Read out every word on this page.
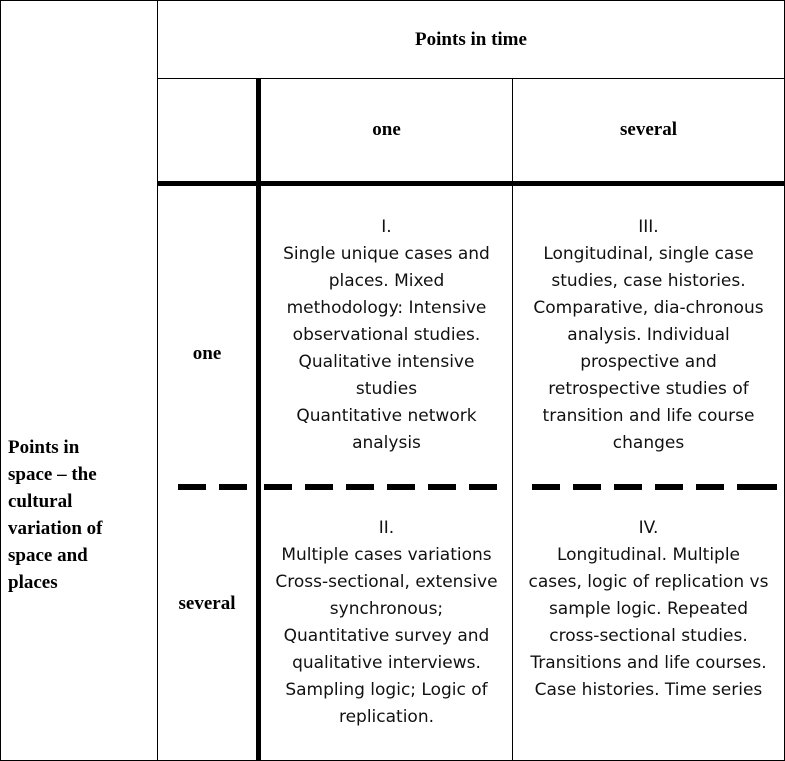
Points in time
one	several
Points in
space – the
cultural
variation of
space and
places
one
several
I.
Single unique cases and
places. Mixed
methodology: Intensive
observational studies.
Qualitative intensive
studies
Quantitative network
analysis
III.
Longitudinal, single case
studies, case histories.
Comparative, dia-chronous
analysis. Individual
prospective and
retrospective studies of
transition and life course
changes
II.
Multiple cases variations
Cross-sectional, extensive
synchronous;
Quantitative survey and
qualitative interviews.
Sampling logic; Logic of
replication.
IV.
Longitudinal. Multiple
cases, logic of replication vs
sample logic. Repeated
cross-sectional studies.
Transitions and life courses.
Case histories. Time series
